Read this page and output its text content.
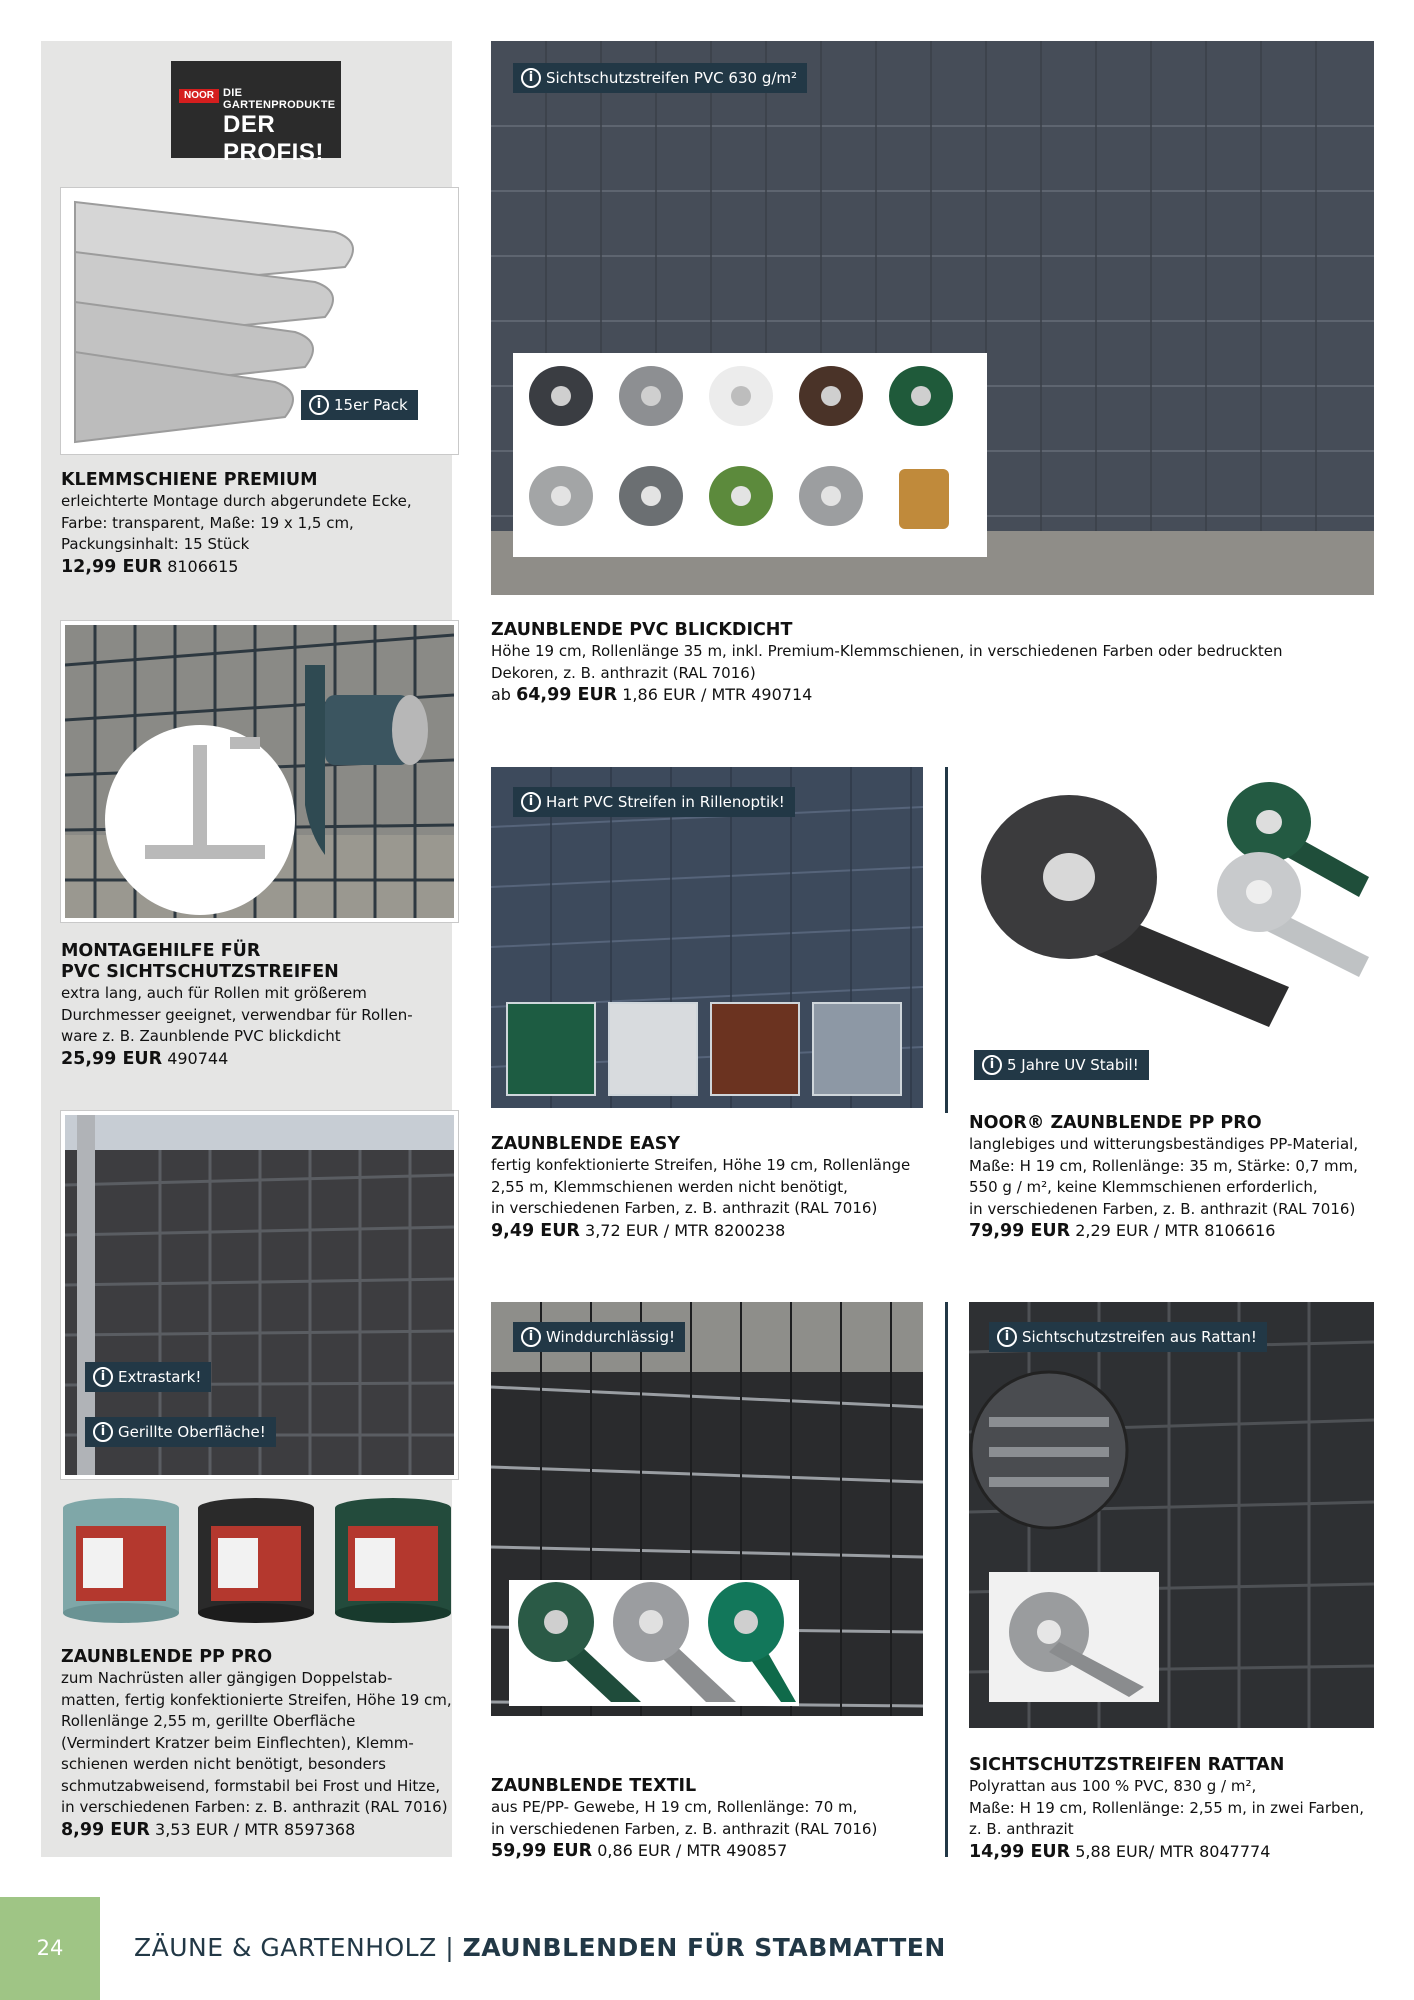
NOOR DIE GARTENPRODUKTE
DER PROFIS!
i 15er Pack
KLEMMSCHIENE PREMIUM
erleichterte Montage durch abgerundete Ecke,
Farbe: transparent, Maße: 19 x 1,5 cm,
Packungsinhalt: 15 Stück
12,99 EUR 8106615
MONTAGEHILFE FÜR
PVC SICHTSCHUTZSTREIFEN
extra lang, auch für Rollen mit größerem
Durchmesser geeignet, verwendbar für Rollen-
ware z. B. Zaunblende PVC blickdicht
25,99 EUR 490744
i Extrastark!
i Gerillte Oberfläche!
ZAUNBLENDE PP PRO
zum Nachrüsten aller gängigen Doppelstab-
matten, fertig konfektionierte Streifen, Höhe 19 cm,
Rollenlänge 2,55 m, gerillte Oberfläche
(Vermindert Kratzer beim Einflechten), Klemm-
schienen werden nicht benötigt, besonders
schmutzabweisend, formstabil bei Frost und Hitze,
in verschiedenen Farben: z. B. anthrazit (RAL 7016)
8,99 EUR 3,53 EUR / MTR 8597368
i Sichtschutzstreifen PVC 630 g/m²
ZAUNBLENDE PVC BLICKDICHT
Höhe 19 cm, Rollenlänge 35 m, inkl. Premium-Klemmschienen, in verschiedenen Farben oder bedruckten
Dekoren, z. B. anthrazit (RAL 7016)
ab 64,99 EUR 1,86 EUR / MTR 490714
i Hart PVC Streifen in Rillenoptik!
ZAUNBLENDE EASY
fertig konfektionierte Streifen, Höhe 19 cm, Rollenlänge
2,55 m, Klemmschienen werden nicht benötigt,
in verschiedenen Farben, z. B. anthrazit (RAL 7016)
9,49 EUR 3,72 EUR / MTR 8200238
i 5 Jahre UV Stabil!
NOOR® ZAUNBLENDE PP PRO
langlebiges und witterungsbeständiges PP-Material,
Maße: H 19 cm, Rollenlänge: 35 m, Stärke: 0,7 mm,
550 g / m², keine Klemmschienen erforderlich,
in verschiedenen Farben, z. B. anthrazit (RAL 7016)
79,99 EUR 2,29 EUR / MTR 8106616
i Winddurchlässig!
ZAUNBLENDE TEXTIL
aus PE/PP- Gewebe, H 19 cm, Rollenlänge: 70 m,
in verschiedenen Farben, z. B. anthrazit (RAL 7016)
59,99 EUR 0,86 EUR / MTR 490857
i Sichtschutzstreifen aus Rattan!
SICHTSCHUTZSTREIFEN RATTAN
Polyrattan aus 100 % PVC, 830 g / m²,
Maße: H 19 cm, Rollenlänge: 2,55 m, in zwei Farben,
z. B. anthrazit
14,99 EUR 5,88 EUR/ MTR 8047774
24	ZÄUNE & GARTENHOLZ | ZAUNBLENDEN FÜR STABMATTEN
